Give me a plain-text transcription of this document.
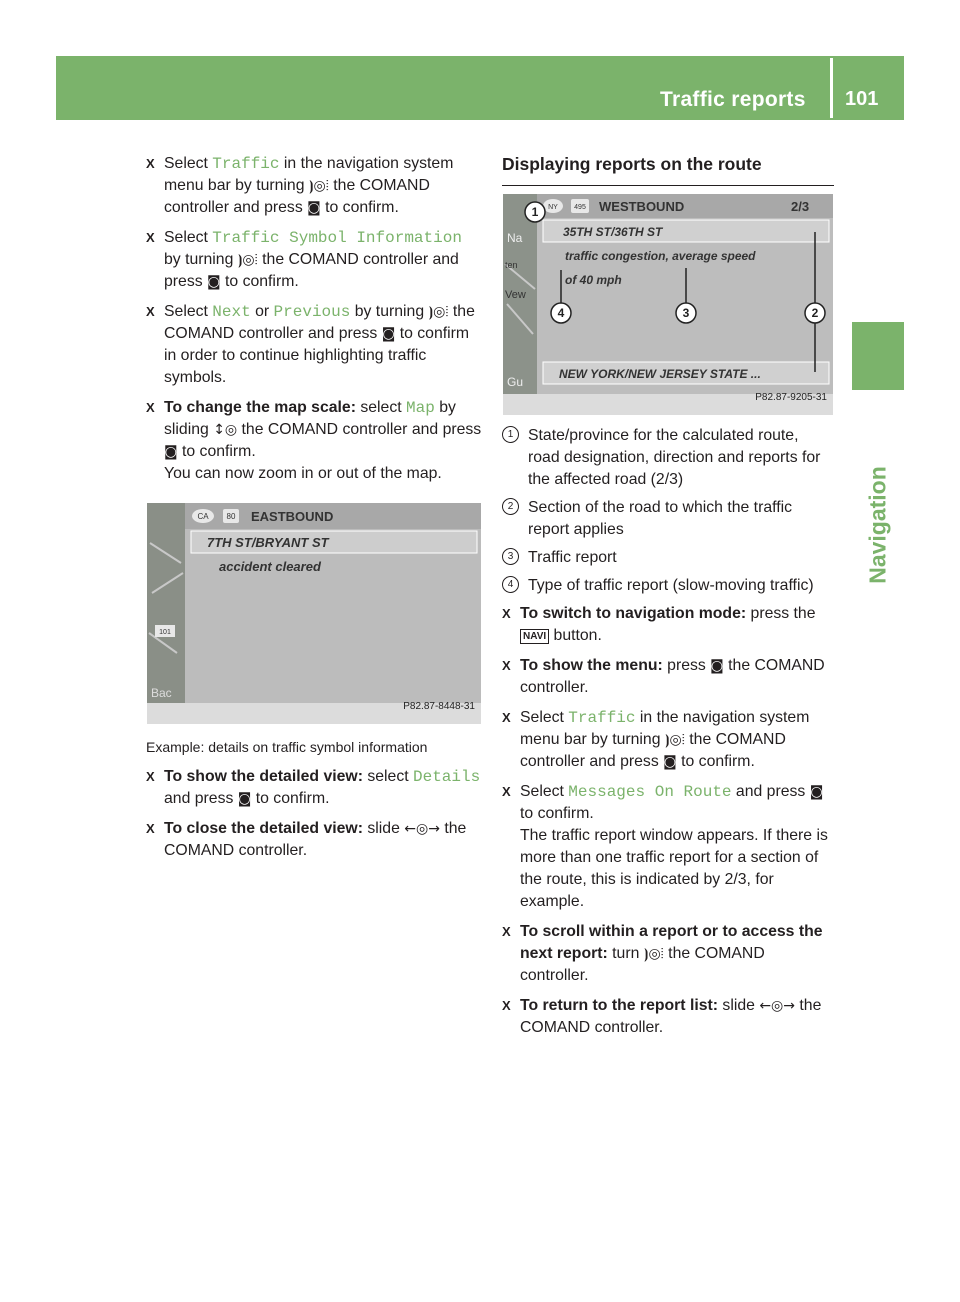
Traffic reports	101
Navigation
X Select Traffic in the navigation system menu bar by turning ⦘◎⦙ the COMAND controller and press ◙ to confirm.
X Select Traffic Symbol Information by turning ⦘◎⦙ the COMAND controller and press ◙ to confirm.
X Select Next or Previous by turning ⦘◎⦙ the COMAND controller and press ◙ to confirm in order to continue highlighting traffic symbols.
X To change the map scale: select Map by sliding ↕◎ the COMAND controller and press ◙ to confirm.
You can now zoom in or out of the map.
CA 80 EASTBOUND
7TH ST/BRYANT ST
accident cleared
101
Bac
P82.87-8448-31
Example: details on traffic symbol information
X To show the detailed view: select Details and press ◙ to confirm.
X To close the detailed view: slide ←◎→ the COMAND controller.
Displaying reports on the route
NY 495 WESTBOUND	2/3
35TH ST/36TH ST
traffic congestion, average speed
of 40 mph
NEW YORK/NEW JERSEY STATE ...
1
2
3
4
Na
ten
Vew
Gu
P82.87-9205-31
1 State/province for the calculated route, road designation, direction and reports for the affected road (2/3)
2 Section of the road to which the traffic report applies
3 Traffic report
4 Type of traffic report (slow-moving traffic)
X To switch to navigation mode: press the NAVI button.
X To show the menu: press ◙ the COMAND controller.
X Select Traffic in the navigation system menu bar by turning ⦘◎⦙ the COMAND controller and press ◙ to confirm.
X Select Messages On Route and press ◙ to confirm.
The traffic report window appears. If there is more than one traffic report for a section of the route, this is indicated by 2/3, for example.
X To scroll within a report or to access the next report: turn ⦘◎⦙ the COMAND controller.
X To return to the report list: slide ←◎→ the COMAND controller.
